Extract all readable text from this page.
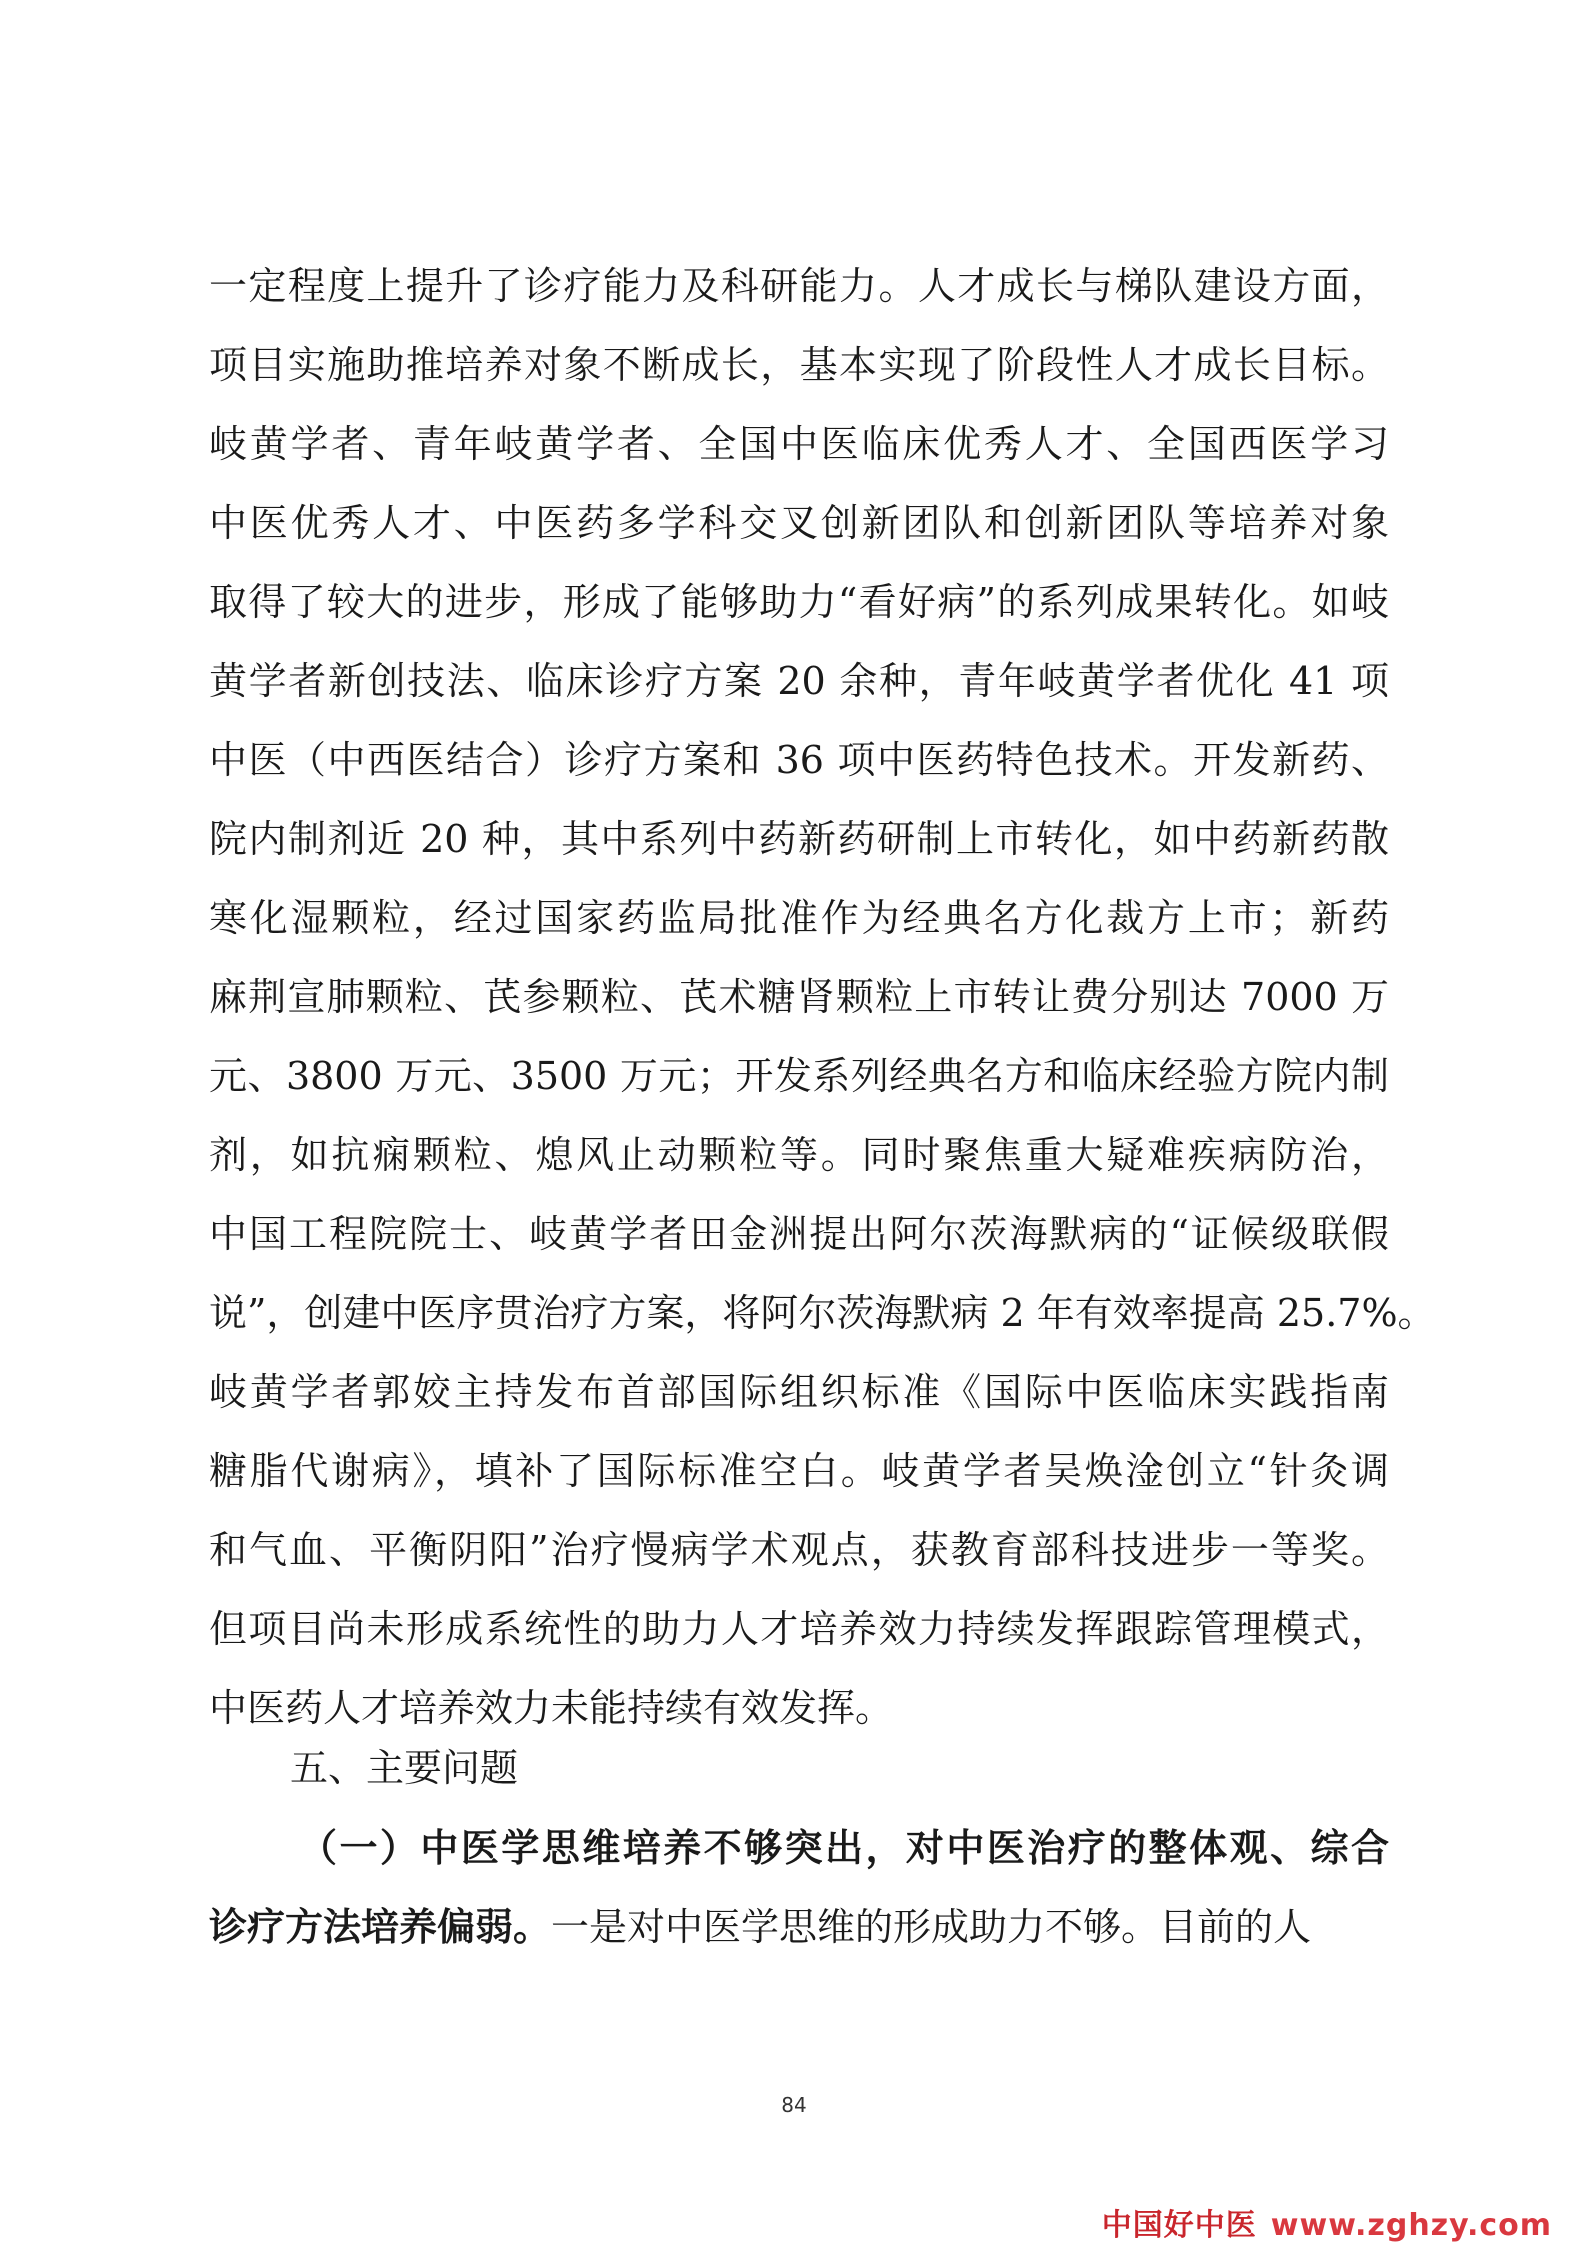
一定程度上提升了诊疗能力及科研能力。人才成长与梯队建设方面，
项目实施助推培养对象不断成长，基本实现了阶段性人才成长目标。
岐黄学者、青年岐黄学者、全国中医临床优秀人才、全国西医学习
中医优秀人才、中医药多学科交叉创新团队和创新团队等培养对象
取得了较大的进步，形成了能够助力“看好病”的系列成果转化。如岐
黄学者新创技法、临床诊疗方案 20 余种，青年岐黄学者优化 41 项
中医（中西医结合）诊疗方案和 36 项中医药特色技术。开发新药、
院内制剂近 20 种，其中系列中药新药研制上市转化，如中药新药散
寒化湿颗粒，经过国家药监局批准作为经典名方化裁方上市；新药
麻荆宣肺颗粒、芪参颗粒、芪术糖肾颗粒上市转让费分别达 7000 万
元、3800 万元、3500 万元；开发系列经典名方和临床经验方院内制
剂，如抗痫颗粒、熄风止动颗粒等。同时聚焦重大疑难疾病防治，
中国工程院院士、岐黄学者田金洲提出阿尔茨海默病的“证候级联假
说”，创建中医序贯治疗方案，将阿尔茨海默病 2 年有效率提高 25.7%。
岐黄学者郭姣主持发布首部国际组织标准《国际中医临床实践指南
糖脂代谢病》，填补了国际标准空白。岐黄学者吴焕淦创立“针灸调
和气血、平衡阴阳”治疗慢病学术观点，获教育部科技进步一等奖。
但项目尚未形成系统性的助力人才培养效力持续发挥跟踪管理模式，
中医药人才培养效力未能持续有效发挥。
五、主要问题
（一）中医学思维培养不够突出，对中医治疗的整体观、综合
诊疗方法培养偏弱。一是对中医学思维的形成助力不够。目前的人
84
中国好中医 www.zghzy.com
